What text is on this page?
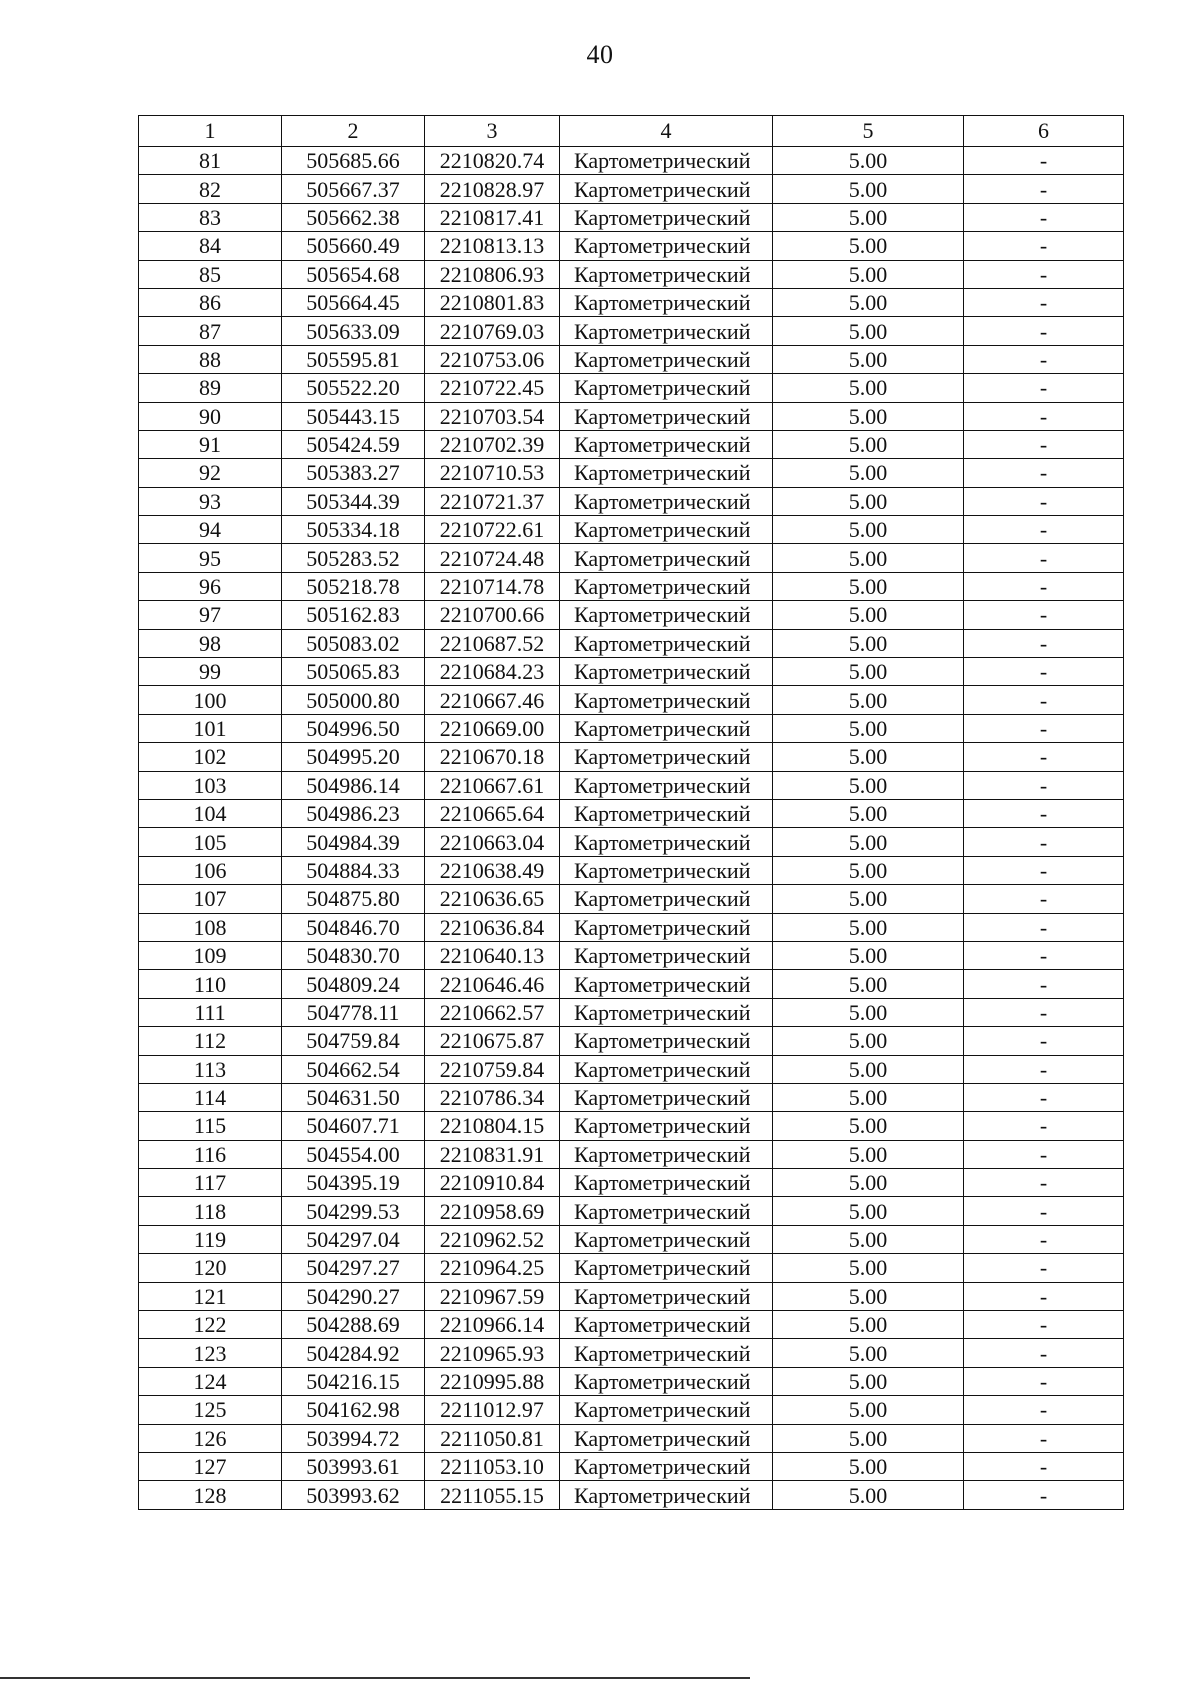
40
1	2	3	4	5	6
81	505685.66	2210820.74	Картометрический	5.00	-
82	505667.37	2210828.97	Картометрический	5.00	-
83	505662.38	2210817.41	Картометрический	5.00	-
84	505660.49	2210813.13	Картометрический	5.00	-
85	505654.68	2210806.93	Картометрический	5.00	-
86	505664.45	2210801.83	Картометрический	5.00	-
87	505633.09	2210769.03	Картометрический	5.00	-
88	505595.81	2210753.06	Картометрический	5.00	-
89	505522.20	2210722.45	Картометрический	5.00	-
90	505443.15	2210703.54	Картометрический	5.00	-
91	505424.59	2210702.39	Картометрический	5.00	-
92	505383.27	2210710.53	Картометрический	5.00	-
93	505344.39	2210721.37	Картометрический	5.00	-
94	505334.18	2210722.61	Картометрический	5.00	-
95	505283.52	2210724.48	Картометрический	5.00	-
96	505218.78	2210714.78	Картометрический	5.00	-
97	505162.83	2210700.66	Картометрический	5.00	-
98	505083.02	2210687.52	Картометрический	5.00	-
99	505065.83	2210684.23	Картометрический	5.00	-
100	505000.80	2210667.46	Картометрический	5.00	-
101	504996.50	2210669.00	Картометрический	5.00	-
102	504995.20	2210670.18	Картометрический	5.00	-
103	504986.14	2210667.61	Картометрический	5.00	-
104	504986.23	2210665.64	Картометрический	5.00	-
105	504984.39	2210663.04	Картометрический	5.00	-
106	504884.33	2210638.49	Картометрический	5.00	-
107	504875.80	2210636.65	Картометрический	5.00	-
108	504846.70	2210636.84	Картометрический	5.00	-
109	504830.70	2210640.13	Картометрический	5.00	-
110	504809.24	2210646.46	Картометрический	5.00	-
111	504778.11	2210662.57	Картометрический	5.00	-
112	504759.84	2210675.87	Картометрический	5.00	-
113	504662.54	2210759.84	Картометрический	5.00	-
114	504631.50	2210786.34	Картометрический	5.00	-
115	504607.71	2210804.15	Картометрический	5.00	-
116	504554.00	2210831.91	Картометрический	5.00	-
117	504395.19	2210910.84	Картометрический	5.00	-
118	504299.53	2210958.69	Картометрический	5.00	-
119	504297.04	2210962.52	Картометрический	5.00	-
120	504297.27	2210964.25	Картометрический	5.00	-
121	504290.27	2210967.59	Картометрический	5.00	-
122	504288.69	2210966.14	Картометрический	5.00	-
123	504284.92	2210965.93	Картометрический	5.00	-
124	504216.15	2210995.88	Картометрический	5.00	-
125	504162.98	2211012.97	Картометрический	5.00	-
126	503994.72	2211050.81	Картометрический	5.00	-
127	503993.61	2211053.10	Картометрический	5.00	-
128	503993.62	2211055.15	Картометрический	5.00	-
